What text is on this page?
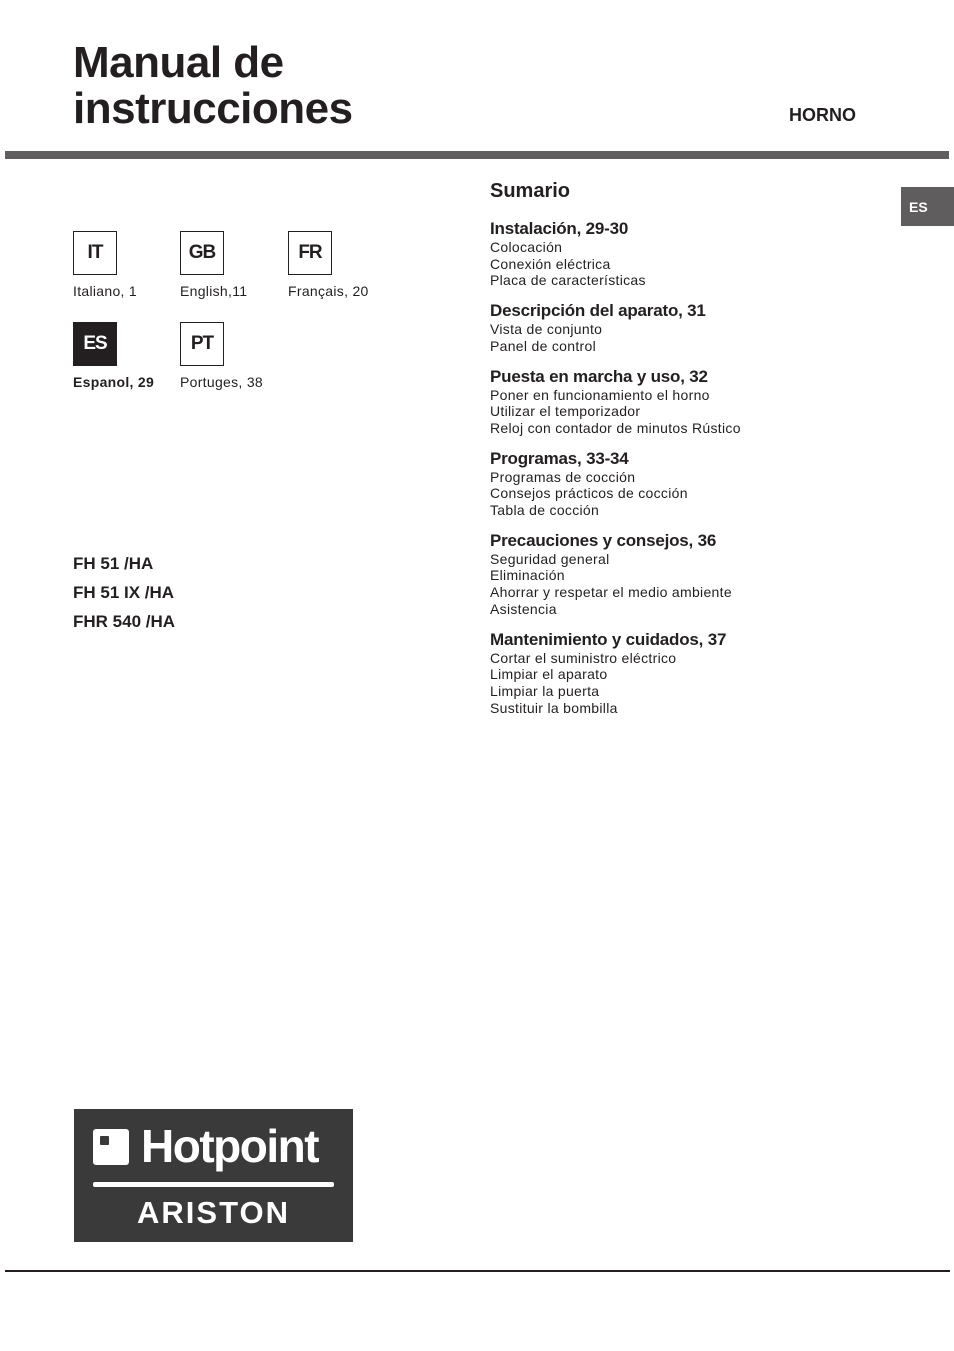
Manual de
instrucciones	HORNO
ES
IT
Italiano, 1
GB
English,11
FR
Français, 20
ES
Espanol, 29
PT
Portuges, 38
FH 51 /HA
FH 51 IX /HA
FHR 540 /HA
Sumario
Instalación, 29-30
Colocación
Conexión eléctrica
Placa de características
Descripción del aparato, 31
Vista de conjunto
Panel de control
Puesta en marcha y uso, 32
Poner en funcionamiento el horno
Utilizar el temporizador
Reloj con contador de minutos Rústico
Programas, 33-34
Programas de cocción
Consejos prácticos de cocción
Tabla de cocción
Precauciones y consejos, 36
Seguridad general
Eliminación
Ahorrar y respetar el medio ambiente
Asistencia
Mantenimiento y cuidados, 37
Cortar el suministro eléctrico
Limpiar el aparato
Limpiar la puerta
Sustituir la bombilla
Hotpoint
ARISTON
